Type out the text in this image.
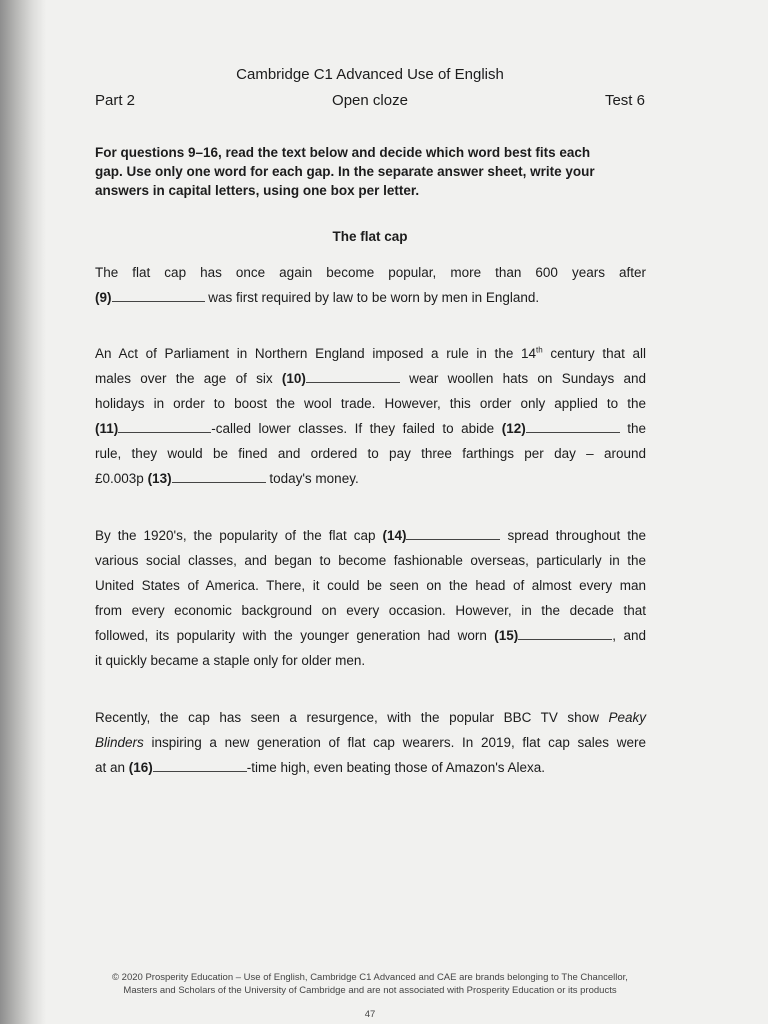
Cambridge C1 Advanced Use of English
Part 2	Open cloze	Test 6
For questions 9–16, read the text below and decide which word best fits each
gap. Use only one word for each gap. In the separate answer sheet, write your
answers in capital letters, using one box per letter.
The flat cap
The flat cap has once again become popular, more than 600 years after
(9)	was first required by law to be worn by men in England.
An Act of Parliament in Northern England imposed a rule in the 14th century that all
males over the age of six (10)	wear woollen hats on Sundays and
holidays in order to boost the wool trade. However, this order only applied to the
(11)	-called lower classes. If they failed to abide (12)	the
rule, they would be fined and ordered to pay three farthings per day – around
£0.003p (13)	today's money.
By the 1920's, the popularity of the flat cap (14)	spread throughout the
various social classes, and began to become fashionable overseas, particularly in the
United States of America. There, it could be seen on the head of almost every man
from every economic background on every occasion. However, in the decade that
followed, its popularity with the younger generation had worn (15)	, and
it quickly became a staple only for older men.
Recently, the cap has seen a resurgence, with the popular BBC TV show Peaky
Blinders inspiring a new generation of flat cap wearers. In 2019, flat cap sales were
at an (16)	-time high, even beating those of Amazon's Alexa.
© 2020 Prosperity Education – Use of English, Cambridge C1 Advanced and CAE are brands belonging to The Chancellor,
Masters and Scholars of the University of Cambridge and are not associated with Prosperity Education or its products
47
